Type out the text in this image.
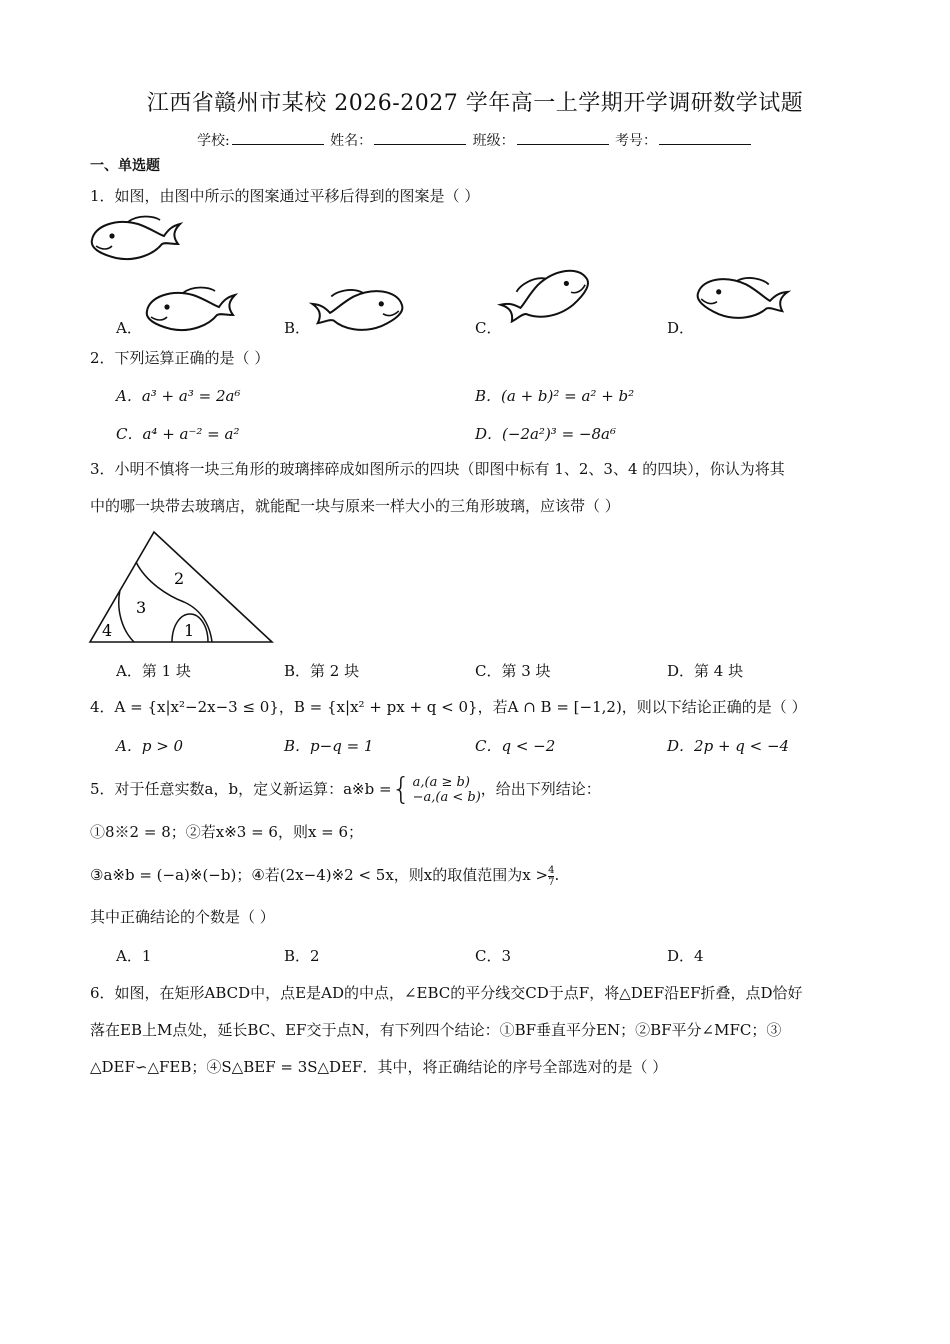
江西省赣州市某校 2026-2027 学年高一上学期开学调研数学试题
学校:	姓名：	班级：	考号：
一、单选题
1．如图，由图中所示的图案通过平移后得到的图案是（ ）
A．	B．	C．	D．
2．下列运算正确的是（ ）
A．a³ + a³ = 2a⁶	B．(a + b)² = a² + b²
C．a⁴ + a⁻² = a²	D．(−2a²)³ = −8a⁶
3．小明不慎将一块三角形的玻璃摔碎成如图所示的四块（即图中标有 1、2、3、4 的四块），你认为将其
中的哪一块带去玻璃店，就能配一块与原来一样大小的三角形玻璃，应该带（ ）
2
3
4	1
A．第 1 块	B．第 2 块	C．第 3 块	D．第 4 块
4．A = {x|x²−2x−3 ≤ 0}，B = {x|x² + px + q < 0}，若A ∩ B = [−1,2)，则以下结论正确的是（ ）
A．p > 0	B．p−q = 1	C．q < −2	D．2p + q < −4
5．对于任意实数a，b，定义新运算：a※b ={ a,(a ≥ b)
−a,(a < b) ，给出下列结论：
①8※2 = 8；②若x※3 = 6，则x = 6；
③a※b = (−a)※(−b)；④若(2x−4)※2 < 5x，则x的取值范围为$x > \frac{4}{7}$ .
其中正确结论的个数是（ ）
A．1	B．2	C．3	D．4
6．如图，在矩形ABCD中，点E是AD的中点，∠EBC的平分线交CD于点F，将△DEF沿EF折叠，点D恰好
落在EB上M点处，延长BC、EF交于点N，有下列四个结论：①BF垂直平分EN；②BF平分∠MFC；③
△DEF∽△FEB；④S△BEF = 3S△DEF．其中，将正确结论的序号全部选对的是（ ）
